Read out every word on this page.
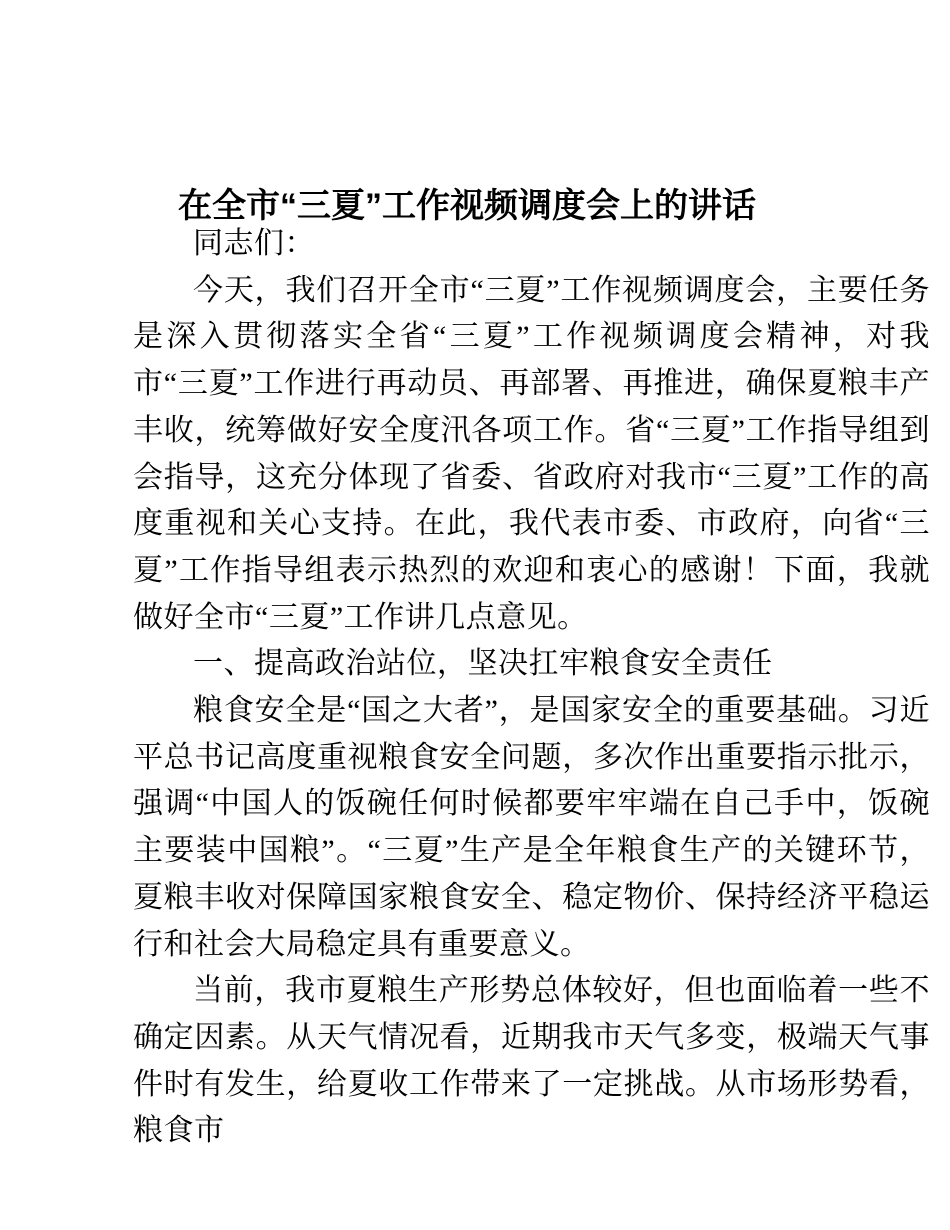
在全市“三夏”工作视频调度会上的讲话

同志们：

今天，我们召开全市“三夏”工作视频调度会，主要任务是深入贯彻落实全省“三夏”工作视频调度会精神，对我市“三夏”工作进行再动员、再部署、再推进，确保夏粮丰产丰收，统筹做好安全度汛各项工作。省“三夏”工作指导组到会指导，这充分体现了省委、省政府对我市“三夏”工作的高度重视和关心支持。在此，我代表市委、市政府，向省“三夏”工作指导组表示热烈的欢迎和衷心的感谢！下面，我就做好全市“三夏”工作讲几点意见。

一、提高政治站位，坚决扛牢粮食安全责任

粮食安全是“国之大者”，是国家安全的重要基础。习近平总书记高度重视粮食安全问题，多次作出重要指示批示，强调“中国人的饭碗任何时候都要牢牢端在自己手中，饭碗主要装中国粮”。“三夏”生产是全年粮食生产的关键环节，夏粮丰收对保障国家粮食安全、稳定物价、保持经济平稳运行和社会大局稳定具有重要意义。

当前，我市夏粮生产形势总体较好，但也面临着一些不确定因素。从天气情况看，近期我市天气多变，极端天气事件时有发生，给夏收工作带来了一定挑战。从市场形势看，粮食市
